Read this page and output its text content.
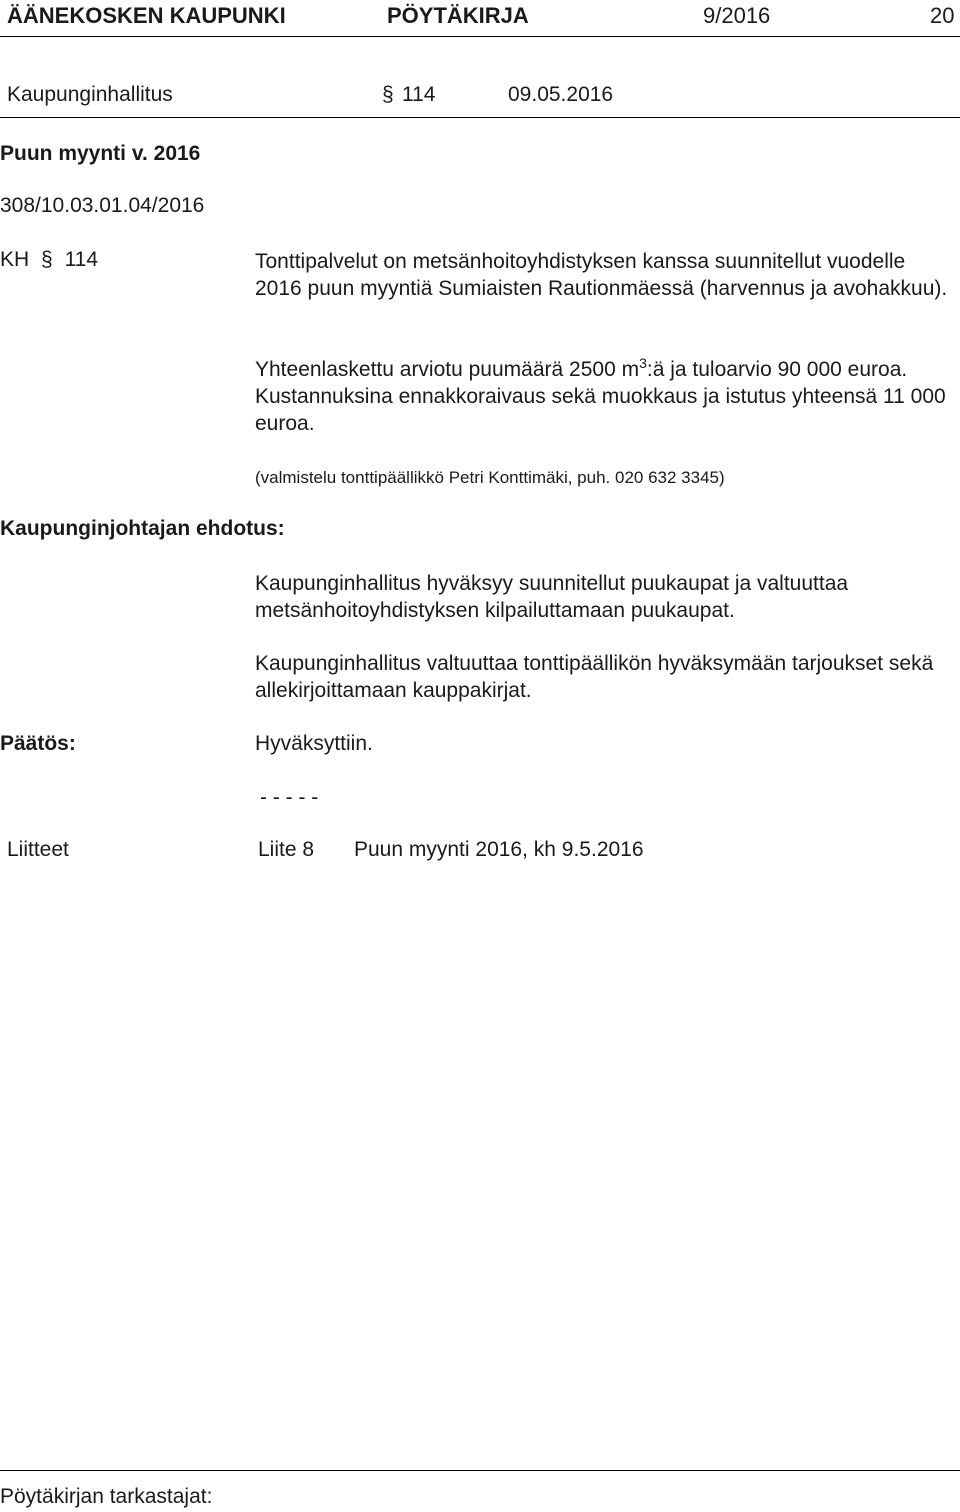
ÄÄNEKOSKEN KAUPUNKI	PÖYTÄKIRJA	9/2016	20
Kaupunginhallitus	§ 114	09.05.2016
Puun myynti v. 2016
308/10.03.01.04/2016
KH § 114	Tonttipalvelut on metsänhoitoyhdistyksen kanssa suunnitellut vuodelle 2016 puun myyntiä Sumiaisten Rautionmäessä (harvennus ja avohakkuu).
Yhteenlaskettu arviotu puumäärä 2500 $m^3:ä$ ja tuloarvio 90 000 euroa. Kustannuksina ennakkoraivaus sekä muokkaus ja istutus yhteensä 11 000 euroa.
(valmistelu tonttipäällikkö Petri Konttimäki, puh. 020 632 3345)
Kaupunginjohtajan ehdotus:
Kaupunginhallitus hyväksyy suunnitellut puukaupat ja valtuuttaa metsänhoitoyhdistyksen kilpailuttamaan puukaupat.
Kaupunginhallitus valtuuttaa tonttipäällikön hyväksymään tarjoukset sekä allekirjoittamaan kauppakirjat.
Päätös:	Hyväksyttiin.
- - - - -
Liitteet	Liite 8 Puun myynti 2016, kh 9.5.2016
Pöytäkirjan tarkastajat:
